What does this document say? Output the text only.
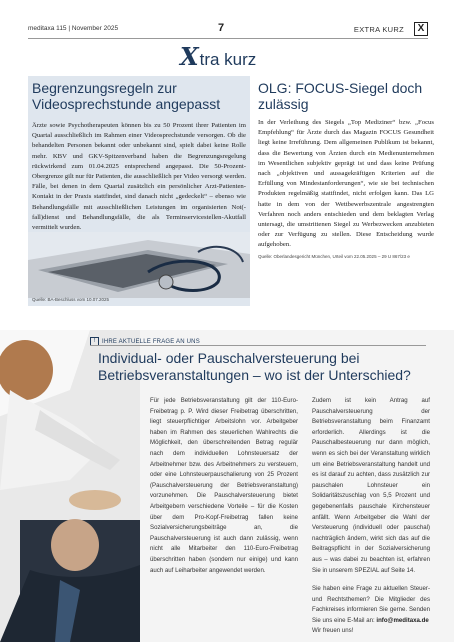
meditaxa 115 | November 2025	7	EXTRA KURZ	X
Xtra kurz
Begrenzungsregeln zur Videosprechstunde angepasst
Ärzte sowie Psychotherapeuten können bis zu 50 Prozent ihrer Patienten im Quartal ausschließlich im Rahmen einer Videosprechstunde versorgen. Ob die behandelten Personen bekannt oder unbekannt sind, spielt dabei keine Rolle mehr. KBV und GKV-Spitzenverband haben die Begrenzungsregelung rückwirkend zum 01.04.2025 entsprechend angepasst. Die 50-Prozent-Obergrenze gilt nur für Patienten, die ausschließlich per Video versorgt werden. Fälle, bei denen in dem Quartal zusätzlich ein persönlicher Arzt-Patienten-Kontakt in der Praxis stattfindet, sind danach nicht „gedeckelt“ – ebenso wie Behandlungsfälle mit ausschließlichen Leistungen im organisierten Not(-fall)dienst und Behandlungsfälle, die als Terminservicestellen-Akutfall vermittelt wurden.
Quelle: BA-Beschluss vom 10.07.2025
OLG: FOCUS-Siegel doch zulässig
In der Verleihung des Siegels „Top Mediziner“ bzw. „Focus Empfehlung“ für Ärzte durch das Magazin FOCUS Gesundheit liegt keine Irreführung. Dem allgemeinen Publikum ist bekannt, dass die Bewertung von Ärzten durch ein Medienunternehmen im Wesentlichen subjektiv geprägt ist und dass keine Prüfung nach „objektiven und aussagekräftigen Kriterien auf die Erfüllung von Mindestanforderungen“, wie sie bei technischen Produkten regelmäßig stattfindet, nicht erfolgen kann. Das LG hatte in dem von der Wettbewerbszentrale angestrengten Verfahren noch anders entschieden und dem beklagten Verlag untersagt, die umstrittenen Siegel zu Werbezwecken anzubieten oder zur Verfügung zu stellen. Diese Entscheidung wurde aufgehoben.
Quelle: Oberlandesgericht München, Urteil vom 22.05.2025 – 29 U 867/23 e
! IHRE AKTUELLE FRAGE AN UNS
Individual- oder Pauschalversteuerung bei Betriebsveranstaltungen – wo ist der Unterschied?

Für jede Betriebsveranstaltung gilt der 110-Euro-Freibetrag p. P. Wird dieser Freibetrag überschritten, liegt steuerpflichtiger Arbeitslohn vor. Arbeitgeber haben im Rahmen des steuerlichen Wahlrechts die Möglichkeit, den überschreitenden Betrag regulär nach dem individuellen Lohnsteuersatz der Arbeitnehmer bzw. des Arbeitnehmers zu versteuern, oder eine Lohnsteuerpauschalierung von 25 Prozent (Pauschalversteuerung der Betriebsveranstaltung) vorzunehmen. Die Pauschalversteuerung bietet Arbeitgebern verschiedene Vorteile – für die Kosten über dem Pro-Kopf-Freibetrag fallen keine Sozialversicherungsbeiträge an, die Pauschalversteuerung ist auch dann zulässig, wenn nicht alle Mitarbeiter den 110-Euro-Freibetrag überschritten haben (sondern nur einige) und kann auch auf Leiharbeiter angewendet werden.

Zudem ist kein Antrag auf Pauschalversteuerung der Betriebsveranstaltung beim Finanzamt erforderlich. Allerdings ist die Pauschalbesteuerung nur dann möglich, wenn es sich bei der Veranstaltung wirklich um eine Betriebsveranstaltung handelt und es ist darauf zu achten, dass zusätzlich zur pauschalen Lohnsteuer ein Solidaritätszuschlag von 5,5 Prozent und gegebenenfalls pauschale Kirchensteuer anfällt. Wenn Arbeitgeber die Wahl der Versteuerung (individuell oder pauschal) nachträglich ändern, wirkt sich das auf die Beitragspflicht in der Sozialversicherung aus – was dabei zu beachten ist, erfahren Sie in unserem SPEZIAL auf Seite 14.

Sie haben eine Frage zu aktuellen Steuer- und Rechtsthemen? Die Mitglieder des Fachkreises informieren Sie gerne. Senden Sie uns eine E-Mail an: info@meditaxa.de
Wir freuen uns!
